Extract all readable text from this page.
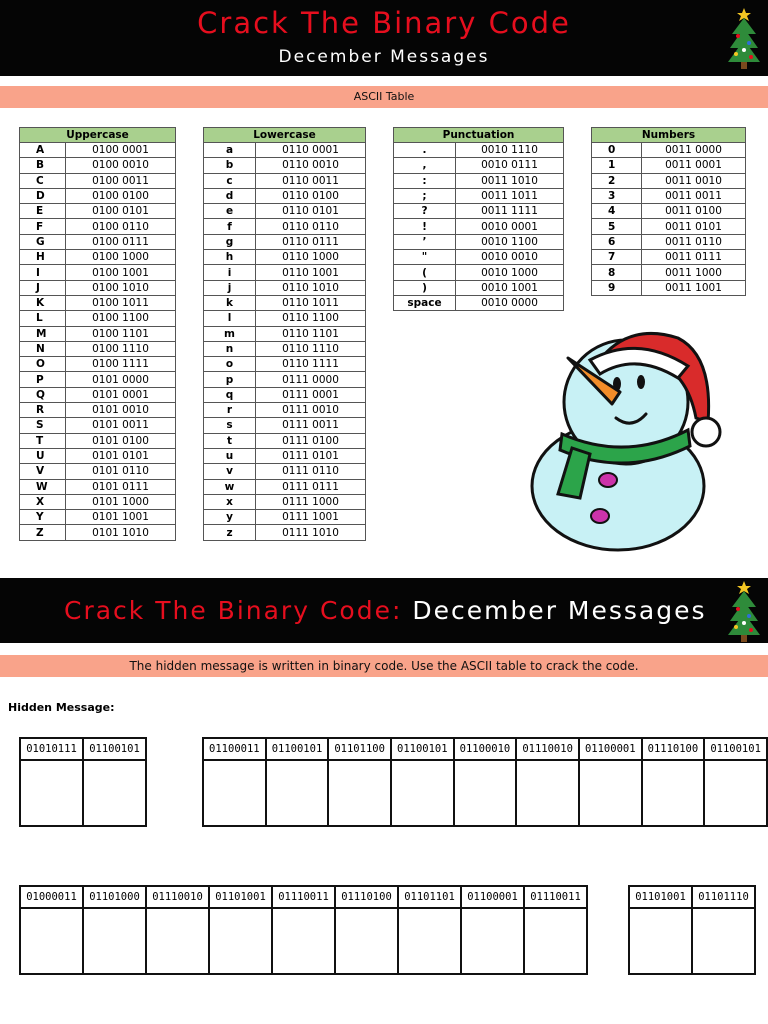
Crack The Binary Code
December Messages
ASCII Table
Uppercase	
A	0100 0001
B	0100 0010
C	0100 0011
D	0100 0100
E	0100 0101
F	0100 0110
G	0100 0111
H	0100 1000
I	0100 1001
J	0100 1010
K	0100 1011
L	0100 1100
M	0100 1101
N	0100 1110
O	0100 1111
P	0101 0000
Q	0101 0001
R	0101 0010
S	0101 0011
T	0101 0100
U	0101 0101
V	0101 0110
W	0101 0111
X	0101 1000
Y	0101 1001
Z	0101 1010
Lowercase	
a	0110 0001
b	0110 0010
c	0110 0011
d	0110 0100
e	0110 0101
f	0110 0110
g	0110 0111
h	0110 1000
i	0110 1001
j	0110 1010
k	0110 1011
l	0110 1100
m	0110 1101
n	0110 1110
o	0110 1111
p	0111 0000
q	0111 0001
r	0111 0010
s	0111 0011
t	0111 0100
u	0111 0101
v	0111 0110
w	0111 0111
x	0111 1000
y	0111 1001
z	0111 1010
Punctuation	
.	0010 1110
,	0010 0111
:	0011 1010
;	0011 1011
?	0011 1111
!	0010 0001
’	0010 1100
"	0010 0010
(	0010 1000
)	0010 1001
space	0010 0000
Numbers	
0	0011 0000
1	0011 0001
2	0011 0010
3	0011 0011
4	0011 0100
5	0011 0101
6	0011 0110
7	0011 0111
8	0011 1000
9	0011 1001
Crack The Binary Code: December Messages
The hidden message is written in binary code. Use the ASCII table to crack the code.
Hidden Message:
01010111	01100101
		01100011	01100101	01101100	01100101	01100010	01110010	01100001	01110100	01100101

01000011	01101000	01110010	01101001	01110011	01110100	01101101	01100001	01110011
									01101001	01101110
